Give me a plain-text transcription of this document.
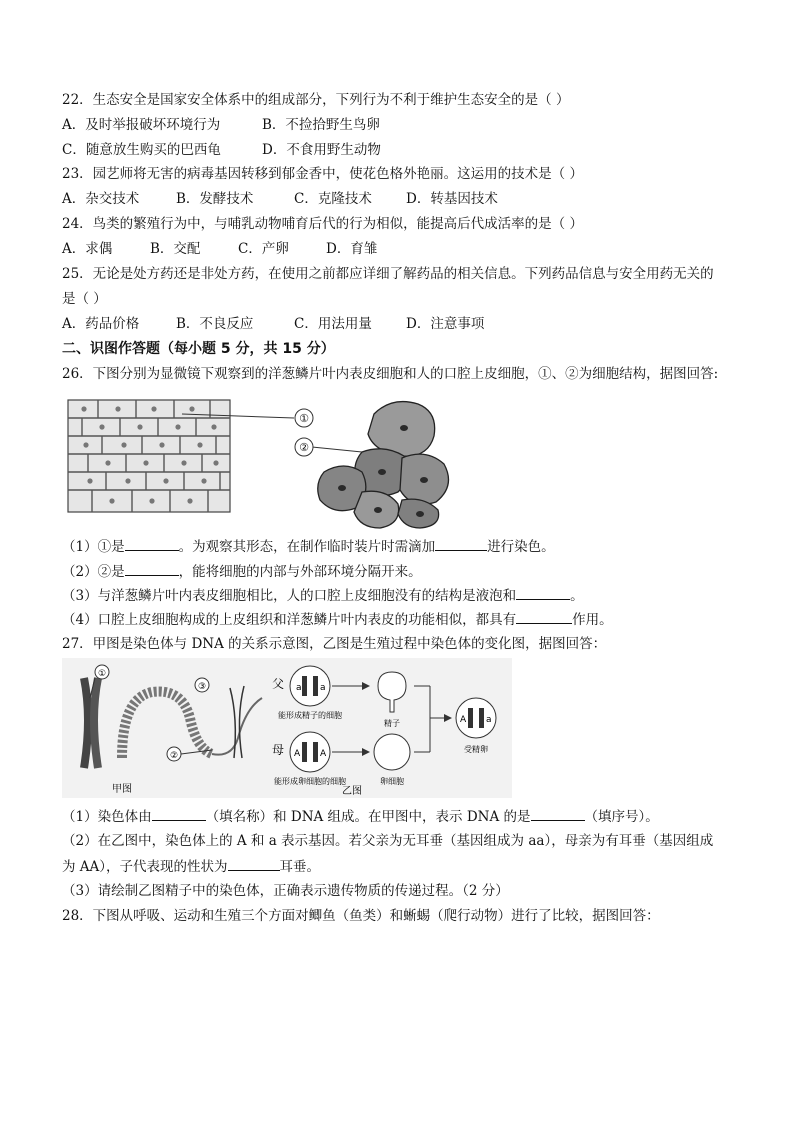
22．生态安全是国家安全体系中的组成部分，下列行为不利于维护生态安全的是（ ）
A．及时举报破坏环境行为	B．不捡拾野生鸟卵
C．随意放生购买的巴西龟	D．不食用野生动物
23．园艺师将无害的病毒基因转移到郁金香中，使花色格外艳丽。这运用的技术是（ ）
A．杂交技术	B．发酵技术	C．克隆技术	D．转基因技术
24．鸟类的繁殖行为中，与哺乳动物哺育后代的行为相似，能提高后代成活率的是（ ）
A．求偶	B．交配	C．产卵	D．育雏
25．无论是处方药还是非处方药，在使用之前都应详细了解药品的相关信息。下列药品信息与安全用药无关的
是（ ）
A．药品价格	B．不良反应	C．用法用量	D．注意事项
二、识图作答题（每小题 5 分，共 15 分）
26．下图分别为显微镜下观察到的洋葱鳞片叶内表皮细胞和人的口腔上皮细胞，①、②为细胞结构，据图回答:
①
②
（1）①是	。为观察其形态，在制作临时装片时需滴加	进行染色。
（2）②是	，能将细胞的内部与外部环境分隔开来。
（3）与洋葱鳞片叶内表皮细胞相比，人的口腔上皮细胞没有的结构是液泡和	。
（4）口腔上皮细胞构成的上皮组织和洋葱鳞片叶内表皮的功能相似，都具有	作用。
27．甲图是染色体与 DNA 的关系示意图，乙图是生殖过程中染色体的变化图，据图回答：
①
③
②
甲图
父 a a
能形成精子的细胞
精子
母 A A
能形成卵细胞的细胞	卵细胞
A a
受精卵
乙图
（1）染色体由	（填名称）和 DNA 组成。在甲图中，表示 DNA 的是	（填序号）。
（2）在乙图中，染色体上的 A 和 a 表示基因。若父亲为无耳垂（基因组成为 aa），母亲为有耳垂（基因组成
为 AA），子代表现的性状为	耳垂。
（3）请绘制乙图精子中的染色体，正确表示遗传物质的传递过程。（2 分）
28．下图从呼吸、运动和生殖三个方面对鲫鱼（鱼类）和蜥蜴（爬行动物）进行了比较，据图回答：
